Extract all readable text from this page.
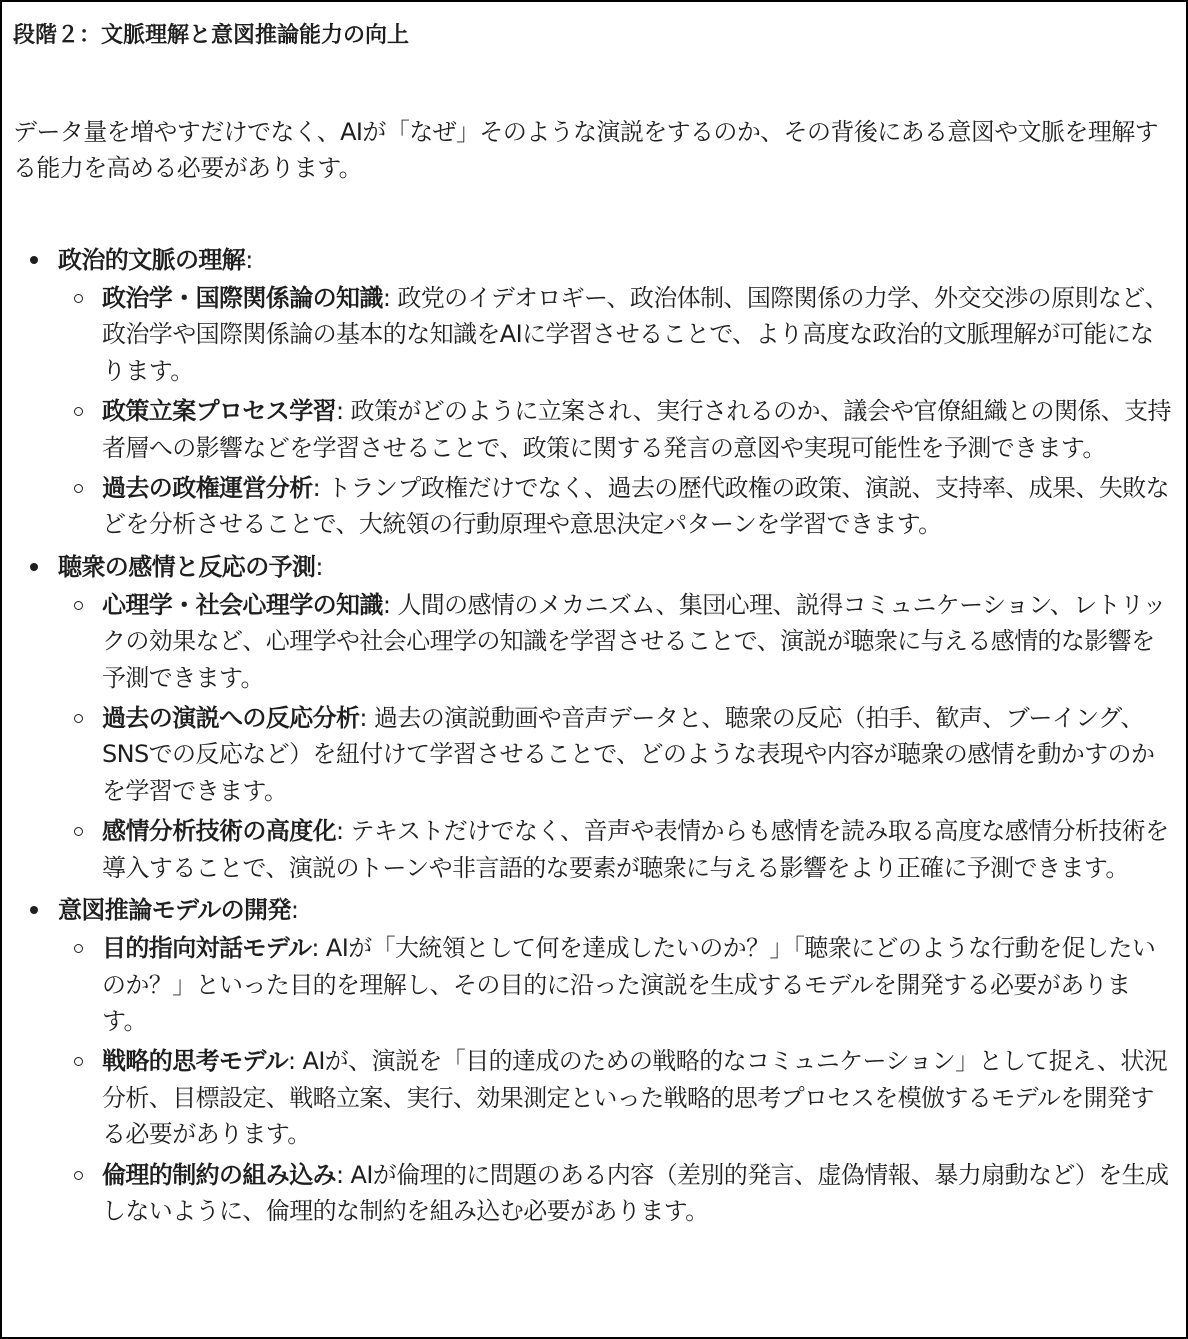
段階２：文脈理解と意図推論能力の向上
データ量を増やすだけでなく、AIが「なぜ」そのような演説をするのか、その背後にある意図や文脈を理解する能力を高める必要があります。
政治的文脈の理解:
政治学・国際関係論の知識: 政党のイデオロギー、政治体制、国際関係の力学、外交交渉の原則など、政治学や国際関係論の基本的な知識をAIに学習させることで、より高度な政治的文脈理解が可能になります。
政策立案プロセス学習: 政策がどのように立案され、実行されるのか、議会や官僚組織との関係、支持者層への影響などを学習させることで、政策に関する発言の意図や実現可能性を予測できます。
過去の政権運営分析: トランプ政権だけでなく、過去の歴代政権の政策、演説、支持率、成果、失敗などを分析させることで、大統領の行動原理や意思決定パターンを学習できます。
聴衆の感情と反応の予測:
心理学・社会心理学の知識: 人間の感情のメカニズム、集団心理、説得コミュニケーション、レトリックの効果など、心理学や社会心理学の知識を学習させることで、演説が聴衆に与える感情的な影響を予測できます。
過去の演説への反応分析: 過去の演説動画や音声データと、聴衆の反応（拍手、歓声、ブーイング、SNSでの反応など）を紐付けて学習させることで、どのような表現や内容が聴衆の感情を動かすのかを学習できます。
感情分析技術の高度化: テキストだけでなく、音声や表情からも感情を読み取る高度な感情分析技術を導入することで、演説のトーンや非言語的な要素が聴衆に与える影響をより正確に予測できます。
意図推論モデルの開発:
目的指向対話モデル: AIが「大統領として何を達成したいのか？」「聴衆にどのような行動を促したいのか？」といった目的を理解し、その目的に沿った演説を生成するモデルを開発する必要があります。
戦略的思考モデル: AIが、演説を「目的達成のための戦略的なコミュニケーション」として捉え、状況分析、目標設定、戦略立案、実行、効果測定といった戦略的思考プロセスを模倣するモデルを開発する必要があります。
倫理的制約の組み込み: AIが倫理的に問題のある内容（差別的発言、虚偽情報、暴力扇動など）を生成しないように、倫理的な制約を組み込む必要があります。
